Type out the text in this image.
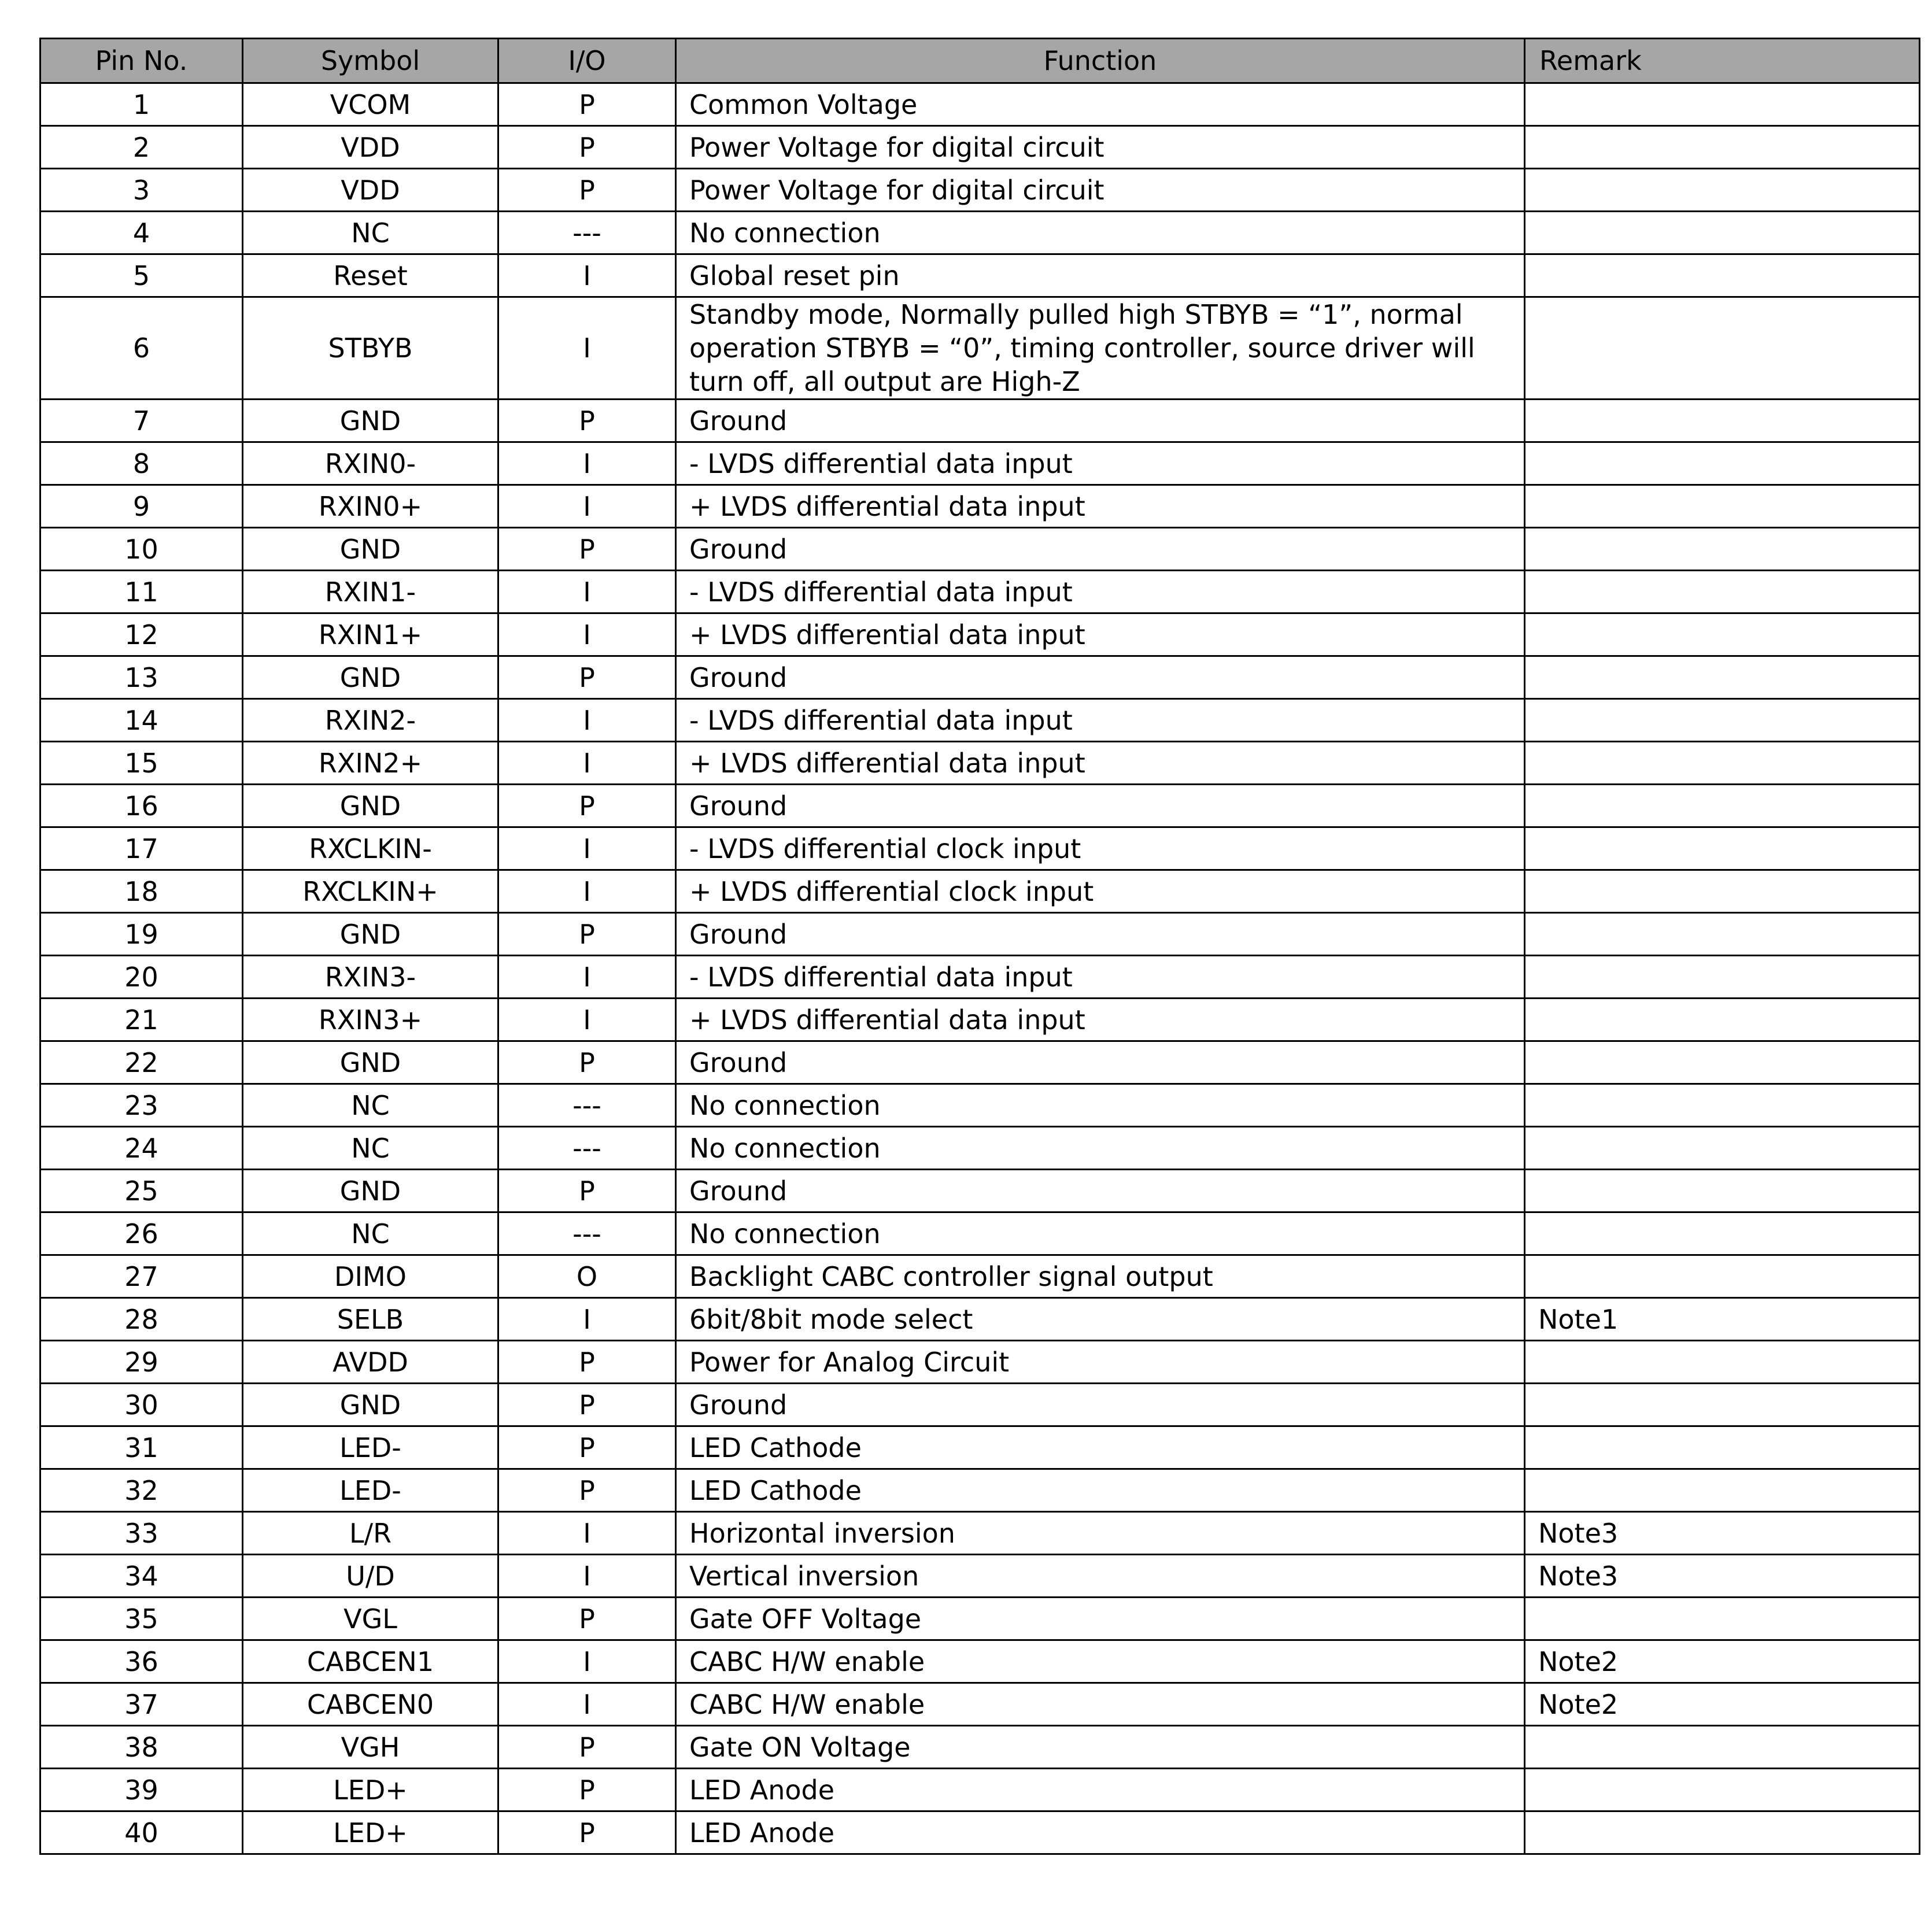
Pin No.	Symbol	I/O	Function	Remark
1	VCOM	P	Common Voltage	
2	VDD	P	Power Voltage for digital circuit	
3	VDD	P	Power Voltage for digital circuit	
4	NC	---	No connection	
5	Reset	I	Global reset pin	
6	STBYB	I	Standby mode, Normally pulled high STBYB = “1”, normal operation STBYB = “0”, timing controller, source driver will turn off, all output are High-Z	
7	GND	P	Ground	
8	RXIN0-	I	- LVDS differential data input	
9	RXIN0+	I	+ LVDS differential data input	
10	GND	P	Ground	
11	RXIN1-	I	- LVDS differential data input	
12	RXIN1+	I	+ LVDS differential data input	
13	GND	P	Ground	
14	RXIN2-	I	- LVDS differential data input	
15	RXIN2+	I	+ LVDS differential data input	
16	GND	P	Ground	
17	RXCLKIN-	I	- LVDS differential clock input	
18	RXCLKIN+	I	+ LVDS differential clock input	
19	GND	P	Ground	
20	RXIN3-	I	- LVDS differential data input	
21	RXIN3+	I	+ LVDS differential data input	
22	GND	P	Ground	
23	NC	---	No connection	
24	NC	---	No connection	
25	GND	P	Ground	
26	NC	---	No connection	
27	DIMO	O	Backlight CABC controller signal output	
28	SELB	I	6bit/8bit mode select	Note1
29	AVDD	P	Power for Analog Circuit	
30	GND	P	Ground	
31	LED-	P	LED Cathode	
32	LED-	P	LED Cathode	
33	L/R	I	Horizontal inversion	Note3
34	U/D	I	Vertical inversion	Note3
35	VGL	P	Gate OFF Voltage	
36	CABCEN1	I	CABC H/W enable	Note2
37	CABCEN0	I	CABC H/W enable	Note2
38	VGH	P	Gate ON Voltage	
39	LED+	P	LED Anode	
40	LED+	P	LED Anode	
